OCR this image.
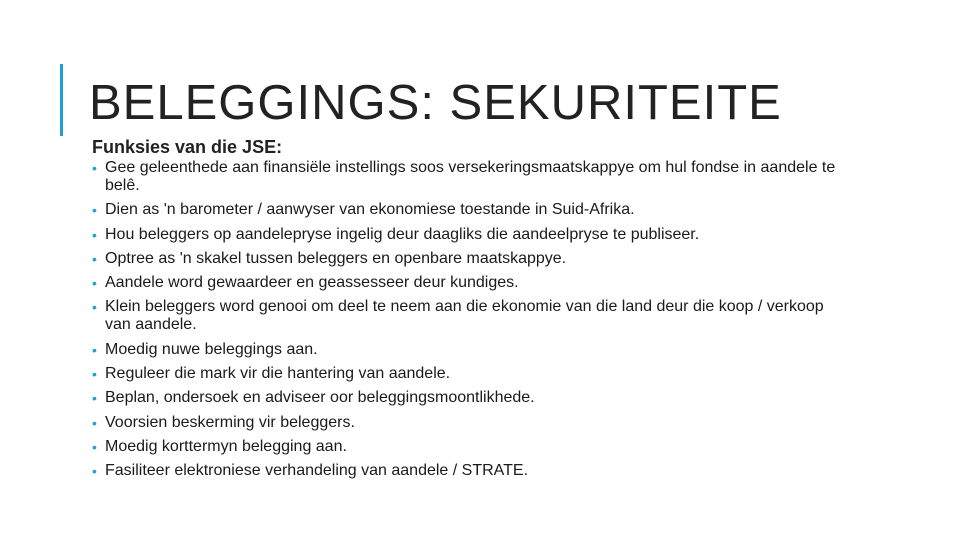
BELEGGINGS: SEKURITEITE

Funksies van die JSE:

• Gee geleenthede aan finansiële instellings soos versekeringsmaatskappye om hul fondse in aandele te belê.
• Dien as 'n barometer / aanwyser van ekonomiese toestande in Suid-Afrika.
• Hou beleggers op aandelepryse ingelig deur daagliks die aandeelpryse te publiseer.
• Optree as 'n skakel tussen beleggers en openbare maatskappye.
• Aandele word gewaardeer en geassesseer deur kundiges.
• Klein beleggers word genooi om deel te neem aan die ekonomie van die land deur die koop / verkoop van aandele.
• Moedig nuwe beleggings aan.
• Reguleer die mark vir die hantering van aandele.
• Beplan, ondersoek en adviseer oor beleggingsmoontlikhede.
• Voorsien beskerming vir beleggers.
• Moedig korttermyn belegging aan.
• Fasiliteer elektroniese verhandeling van aandele / STRATE.
